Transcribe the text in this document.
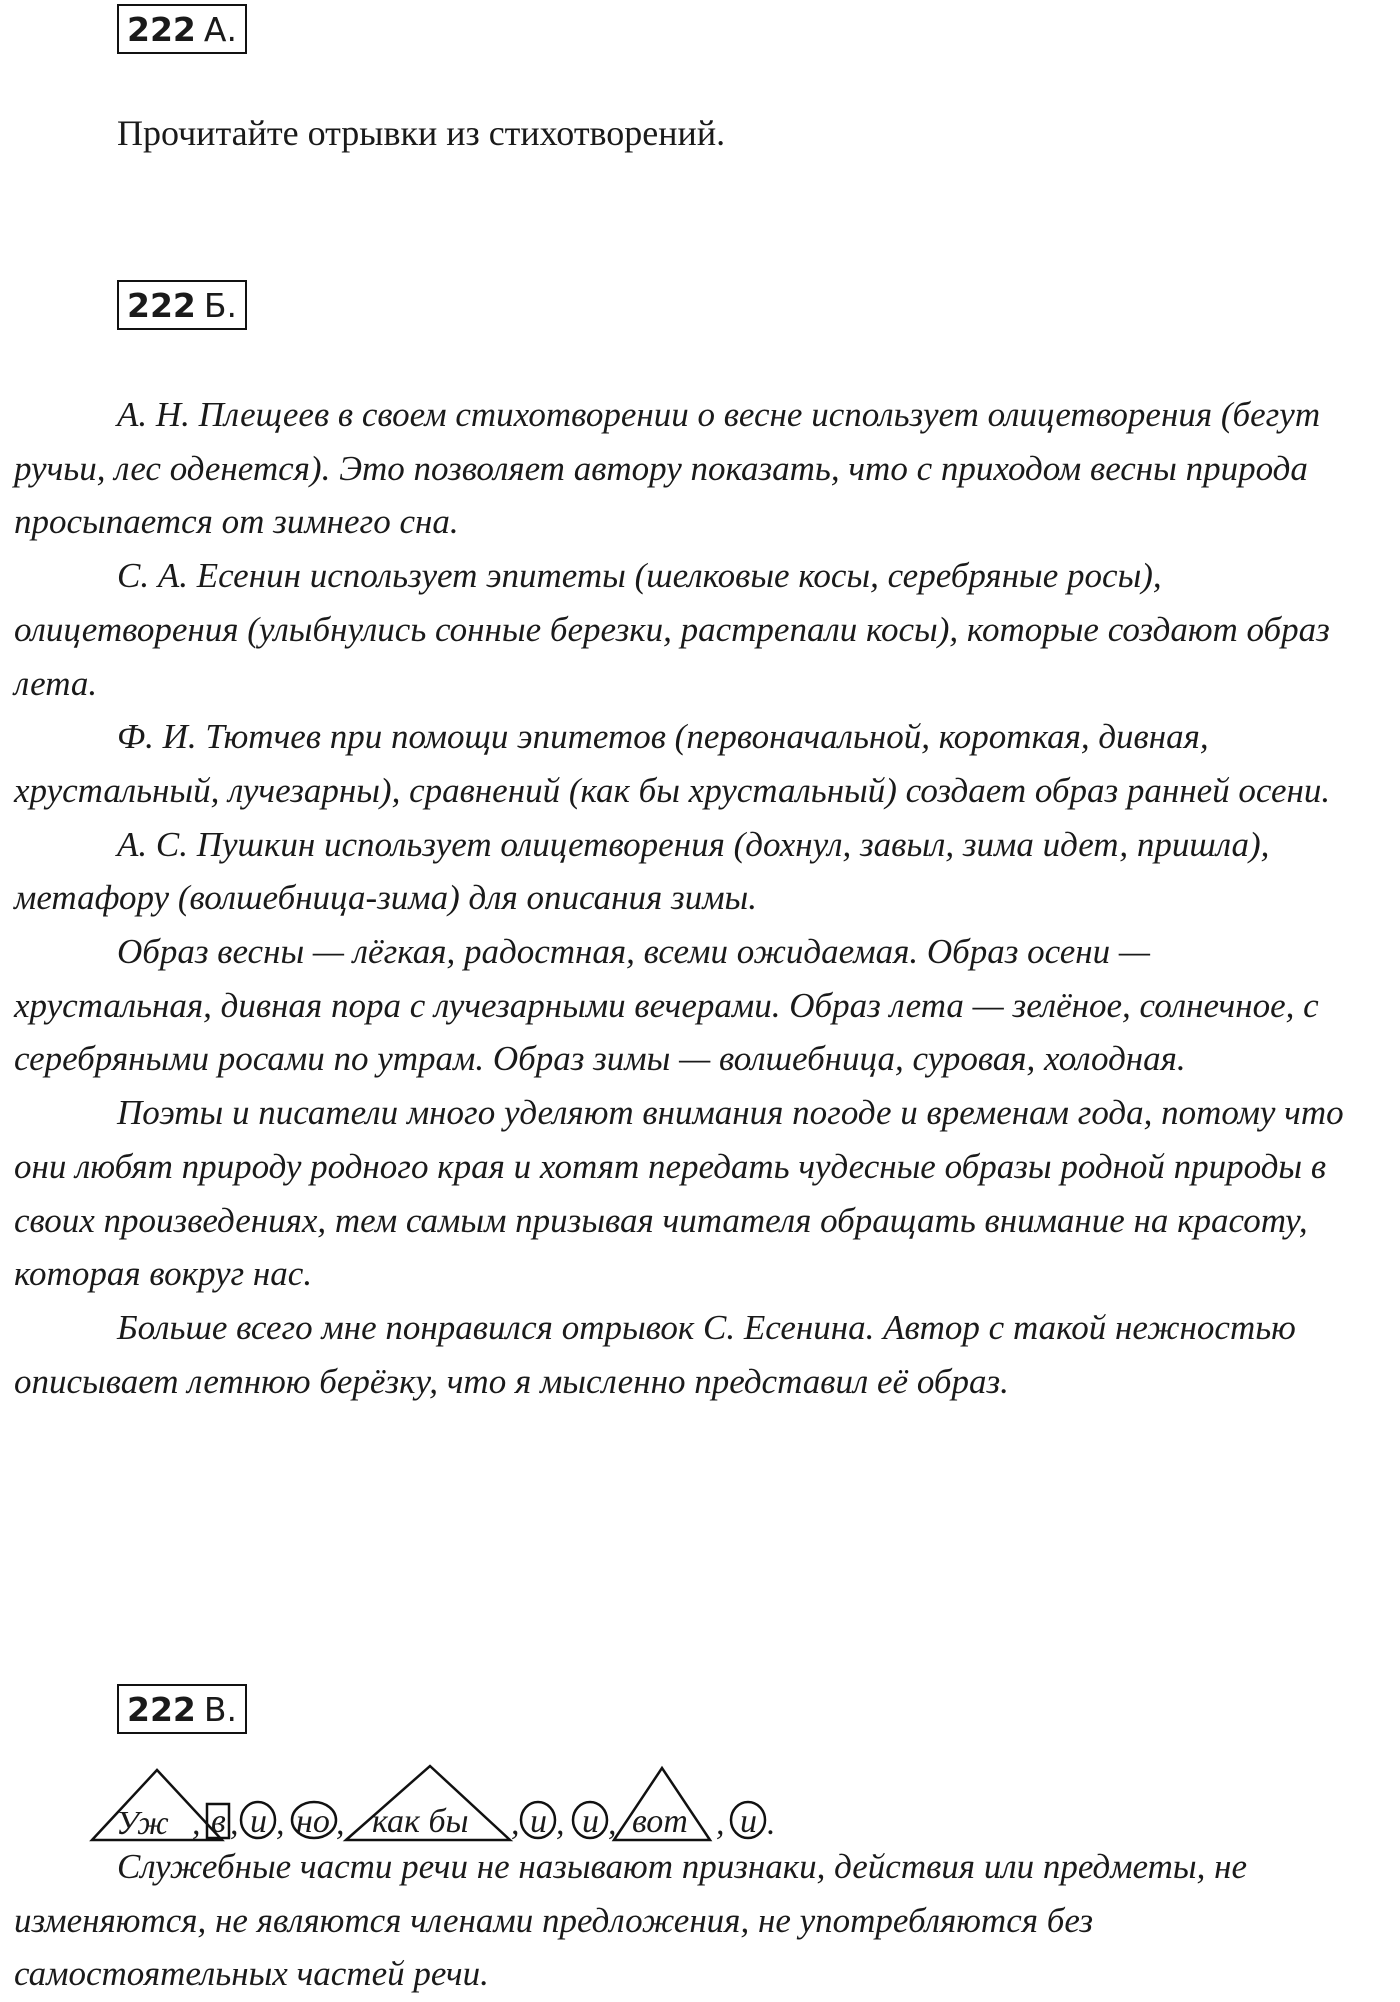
222 А.
Прочитайте отрывки из стихотворений.
222 Б.

А. Н. Плещеев в своем стихотворении о весне использует олицетворения (бегут ручьи, лес оденется). Это позволяет автору показать, что с приходом весны природа просыпается от зимнего сна.

С. А. Есенин использует эпитеты (шелковые косы, серебряные росы), олицетворения (улыбнулись сонные березки, растрепали косы), которые создают образ лета.

Ф. И. Тютчев при помощи эпитетов (первоначальной, короткая, дивная, хрустальный, лучезарны), сравнений (как бы хрустальный) создает образ ранней осени.

А. С. Пушкин использует олицетворения (дохнул, завыл, зима идет, пришла), метафору (волшебница-зима) для описания зимы.

Образ весны — лёгкая, радостная, всеми ожидаемая. Образ осени — хрустальная, дивная пора с лучезарными вечерами. Образ лета — зелёное, солнечное, с серебряными росами по утрам. Образ зимы — волшебница, суровая, холодная.

Поэты и писатели много уделяют внимания погоде и временам года, потому что они любят природу родного края и хотят передать чудесные образы родной природы в своих произведениях, тем самым призывая читателя обращать внимание на красоту, которая вокруг нас.

Больше всего мне понравился отрывок С. Есенина. Автор с такой нежностью описывает летнюю берёзку, что я мысленно представил её образ.

222 В.
Уж , в , и , но , как бы , и , и , вот , и .

Служебные части речи не называют признаки, действия или предметы, не изменяются, не являются членами предложения, не употребляются без самостоятельных частей речи.
